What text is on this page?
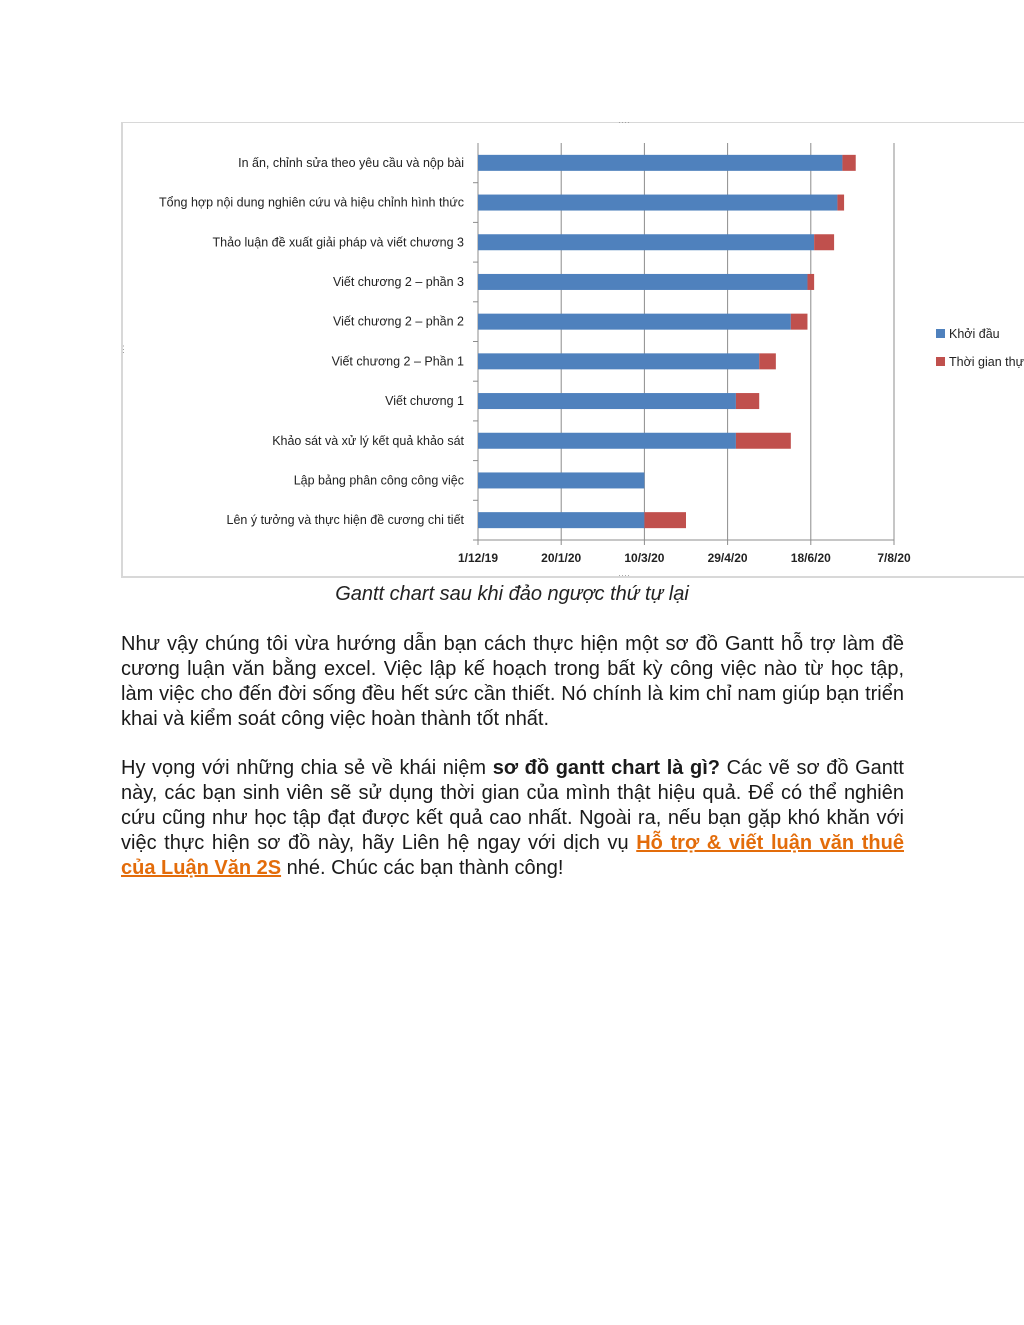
····
⋮
····
In ấn, chỉnh sửa theo yêu cầu và nộp bài
Tổng hợp nội dung nghiên cứu và hiệu chỉnh hình thức
Thảo luận đề xuất giải pháp và viết chương 3
Viết chương 2 – phần 3
Viết chương 2 – phần 2
Viết chương 2 – Phần 1
Viết chương 1
Khảo sát và xử lý kết quả khảo sát
Lập bảng phân công công việc
Lên ý tưởng và thực hiện đề cương chi tiết
1/12/19	20/1/20	10/3/20	29/4/20	18/6/20	7/8/20
Khởi đầu
Thời gian thự
Gantt chart sau khi đảo ngược thứ tự lại
Như vậy chúng tôi vừa hướng dẫn bạn cách thực hiện một sơ đồ Gantt hỗ trợ làm đề cương luận văn bằng excel. Việc lập kế hoạch trong bất kỳ công việc nào từ học tập, làm việc cho đến đời sống đều hết sức cần thiết. Nó chính là kim chỉ nam giúp bạn triển khai và kiểm soát công việc hoàn thành tốt nhất.
Hy vọng với những chia sẻ về khái niệm sơ đồ gantt chart là gì? Các vẽ sơ đồ Gantt này, các bạn sinh viên sẽ sử dụng thời gian của mình thật hiệu quả. Để có thể nghiên cứu cũng như học tập đạt được kết quả cao nhất. Ngoài ra, nếu bạn gặp khó khăn với việc thực hiện sơ đồ này, hãy Liên hệ ngay với dịch vụ Hỗ trợ & viết luận văn thuê của Luận Văn 2S nhé. Chúc các bạn thành công!
